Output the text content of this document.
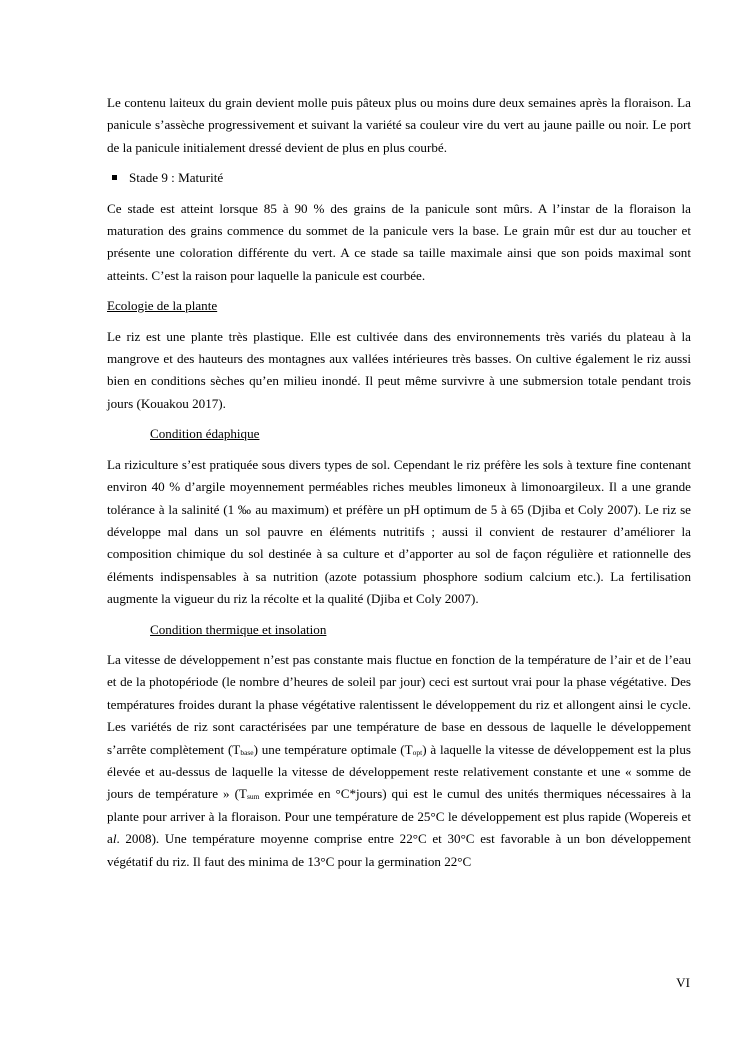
Le contenu laiteux du grain devient molle puis pâteux plus ou moins dure deux semaines après la floraison. La panicule s’assèche progressivement et suivant la variété sa couleur vire du vert au jaune paille ou noir. Le port de la panicule initialement dressé devient de plus en plus courbé.

Stade 9 : Maturité

Ce stade est atteint lorsque 85 à 90 % des grains de la panicule sont mûrs. A l’instar de la floraison la maturation des grains commence du sommet de la panicule vers la base. Le grain mûr est dur au toucher et présente une coloration différente du vert. A ce stade sa taille maximale ainsi que son poids maximal sont atteints. C’est la raison pour laquelle la panicule est courbée.

Ecologie de la plante

Le riz est une plante très plastique. Elle est cultivée dans des environnements très variés du plateau à la mangrove et des hauteurs des montagnes aux vallées intérieures très basses. On cultive également le riz aussi bien en conditions sèches qu’en milieu inondé. Il peut même survivre à une submersion totale pendant trois jours (Kouakou 2017).

Condition édaphique

La riziculture s’est pratiquée sous divers types de sol. Cependant le riz préfère les sols à texture fine contenant environ 40 % d’argile moyennement perméables riches meubles limoneux à limonoargileux. Il a une grande tolérance à la salinité (1 ‰ au maximum) et préfère un pH optimum de 5 à 65 (Djiba et Coly 2007). Le riz se développe mal dans un sol pauvre en éléments nutritifs ; aussi il convient de restaurer d’améliorer la composition chimique du sol destinée à sa culture et d’apporter au sol de façon régulière et rationnelle des éléments indispensables à sa nutrition (azote potassium phosphore sodium calcium etc.). La fertilisation augmente la vigueur du riz la récolte et la qualité (Djiba et Coly 2007).

Condition thermique et insolation

La vitesse de développement n’est pas constante mais fluctue en fonction de la température de l’air et de l’eau et de la photopériode (le nombre d’heures de soleil par jour) ceci est surtout vrai pour la phase végétative. Des températures froides durant la phase végétative ralentissent le développement du riz et allongent ainsi le cycle. Les variétés de riz sont caractérisées par une température de base en dessous de laquelle le développement s’arrête complètement $(T_{base})$ une température optimale $(T_{opt})$ à laquelle la vitesse de développement est la plus élevée et au-dessus de laquelle la vitesse de développement reste relativement constante et une « somme de jours de température » ($T_{sum}$ exprimée en °C*jours) qui est le cumul des unités thermiques nécessaires à la plante pour arriver à la floraison. Pour une température de 25°C le développement est plus rapide (Wopereis et al. 2008). Une température moyenne comprise entre 22°C et 30°C est favorable à un bon développement végétatif du riz. Il faut des minima de 13°C pour la germination 22°C

VI
